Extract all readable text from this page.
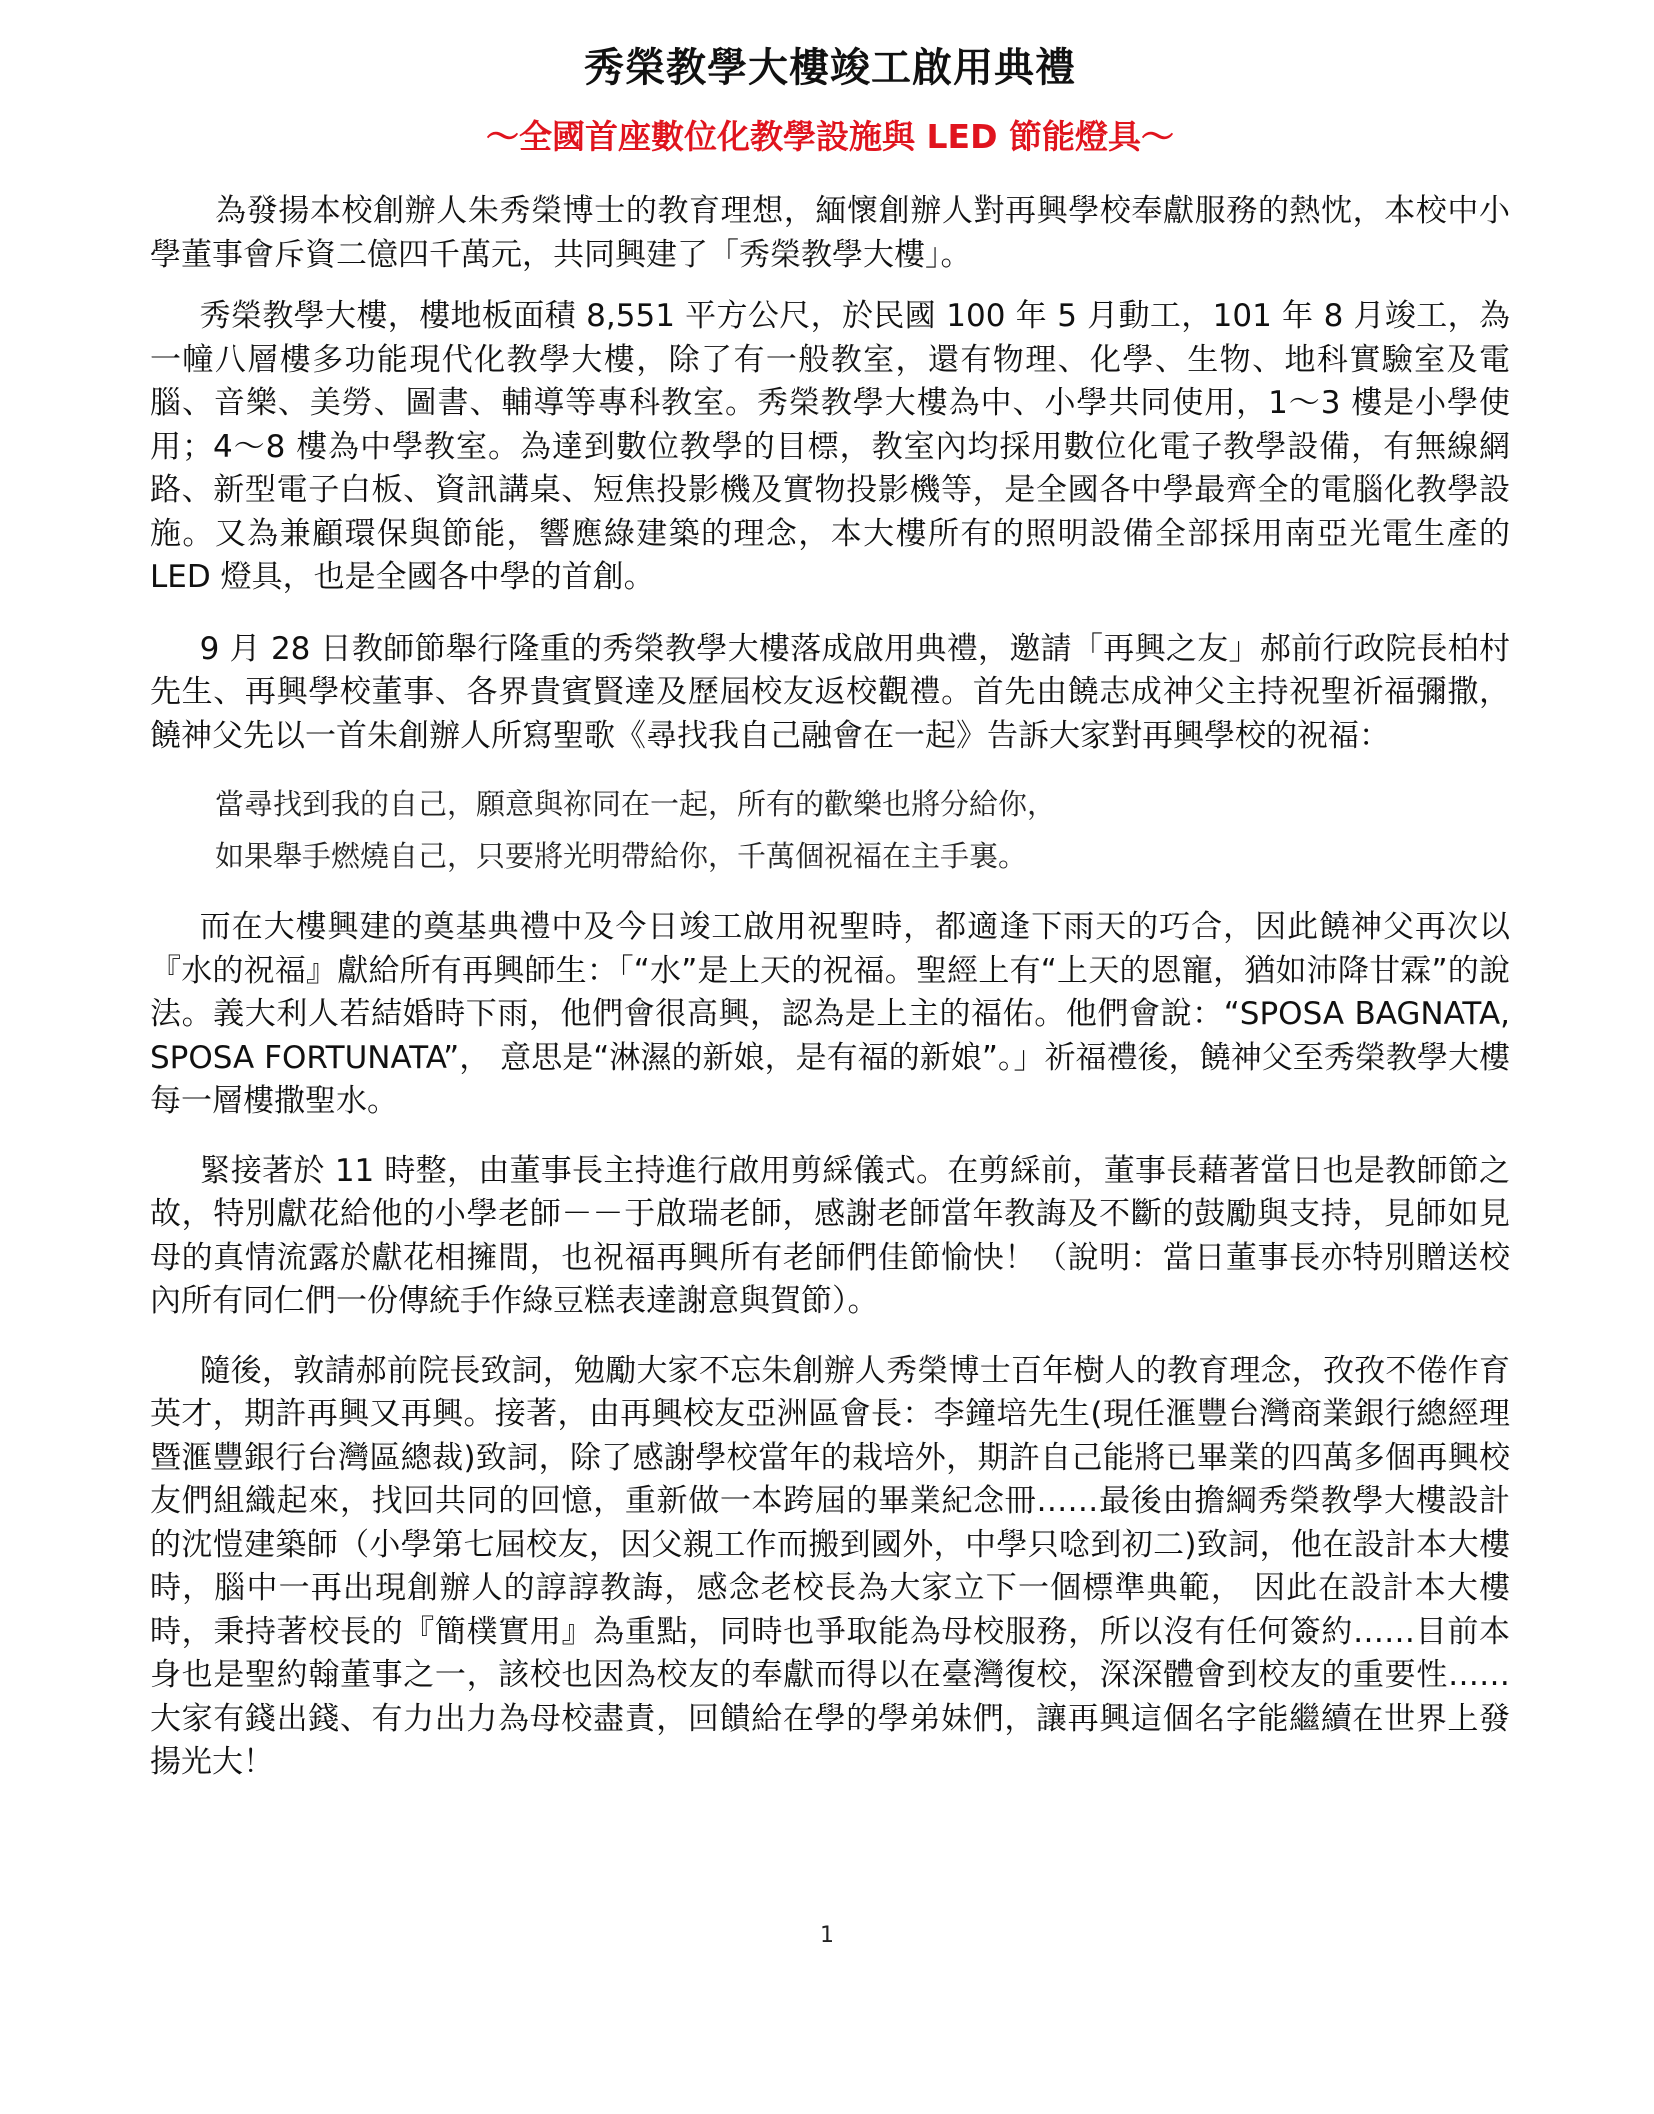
秀榮教學大樓竣工啟用典禮
～全國首座數位化教學設施與 LED 節能燈具～

為發揚本校創辦人朱秀榮博士的教育理想，緬懷創辦人對再興學校奉獻服務的熱忱，本校中小學董事會斥資二億四千萬元，共同興建了「秀榮教學大樓」。

秀榮教學大樓，樓地板面積 8,551 平方公尺，於民國 100 年 5 月動工，101 年 8 月竣工，為一幢八層樓多功能現代化教學大樓，除了有一般教室，還有物理、化學、生物、地科實驗室及電腦、音樂、美勞、圖書、輔導等專科教室。秀榮教學大樓為中、小學共同使用，1～3 樓是小學使用；4～8 樓為中學教室。為達到數位教學的目標，教室內均採用數位化電子教學設備，有無線網路、新型電子白板、資訊講桌、短焦投影機及實物投影機等，是全國各中學最齊全的電腦化教學設施。又為兼顧環保與節能，響應綠建築的理念，本大樓所有的照明設備全部採用南亞光電生產的 LED 燈具，也是全國各中學的首創。

9 月 28 日教師節舉行隆重的秀榮教學大樓落成啟用典禮，邀請「再興之友」郝前行政院長柏村先生、再興學校董事、各界貴賓賢達及歷屆校友返校觀禮。首先由饒志成神父主持祝聖祈福彌撒，饒神父先以一首朱創辦人所寫聖歌《尋找我自己融會在一起》告訴大家對再興學校的祝福：

當尋找到我的自己，願意與祢同在一起，所有的歡樂也將分給你，
如果舉手燃燒自己，只要將光明帶給你，千萬個祝福在主手裏。

而在大樓興建的奠基典禮中及今日竣工啟用祝聖時，都適逢下雨天的巧合，因此饒神父再次以『水的祝福』獻給所有再興師生：「“水”是上天的祝福。聖經上有“上天的恩寵，猶如沛降甘霖”的說法。義大利人若結婚時下雨，他們會很高興，認為是上主的福佑。他們會說：“SPOSA BAGNATA, SPOSA FORTUNATA”， 意思是“淋濕的新娘，是有福的新娘”。」祈福禮後，饒神父至秀榮教學大樓每一層樓撒聖水。

緊接著於 11 時整，由董事長主持進行啟用剪綵儀式。在剪綵前，董事長藉著當日也是教師節之故，特別獻花給他的小學老師－－于啟瑞老師，感謝老師當年教誨及不斷的鼓勵與支持，見師如見母的真情流露於獻花相擁間，也祝福再興所有老師們佳節愉快！（說明：當日董事長亦特別贈送校內所有同仁們一份傳統手作綠豆糕表達謝意與賀節）。

隨後，敦請郝前院長致詞，勉勵大家不忘朱創辦人秀榮博士百年樹人的教育理念，孜孜不倦作育英才，期許再興又再興。接著，由再興校友亞洲區會長：李鐘培先生(現任滙豐台灣商業銀行總經理暨滙豐銀行台灣區總裁)致詞，除了感謝學校當年的栽培外，期許自己能將已畢業的四萬多個再興校友們組織起來，找回共同的回憶，重新做一本跨屆的畢業紀念冊……最後由擔綱秀榮教學大樓設計的沈愷建築師（小學第七屆校友，因父親工作而搬到國外，中學只唸到初二)致詞，他在設計本大樓時，腦中一再出現創辦人的諄諄教誨，感念老校長為大家立下一個標準典範， 因此在設計本大樓時，秉持著校長的『簡樸實用』為重點，同時也爭取能為母校服務，所以沒有任何簽約……目前本身也是聖約翰董事之一，該校也因為校友的奉獻而得以在臺灣復校，深深體會到校友的重要性……大家有錢出錢、有力出力為母校盡責，回饋給在學的學弟妹們，讓再興這個名字能繼續在世界上發揚光大！

1
